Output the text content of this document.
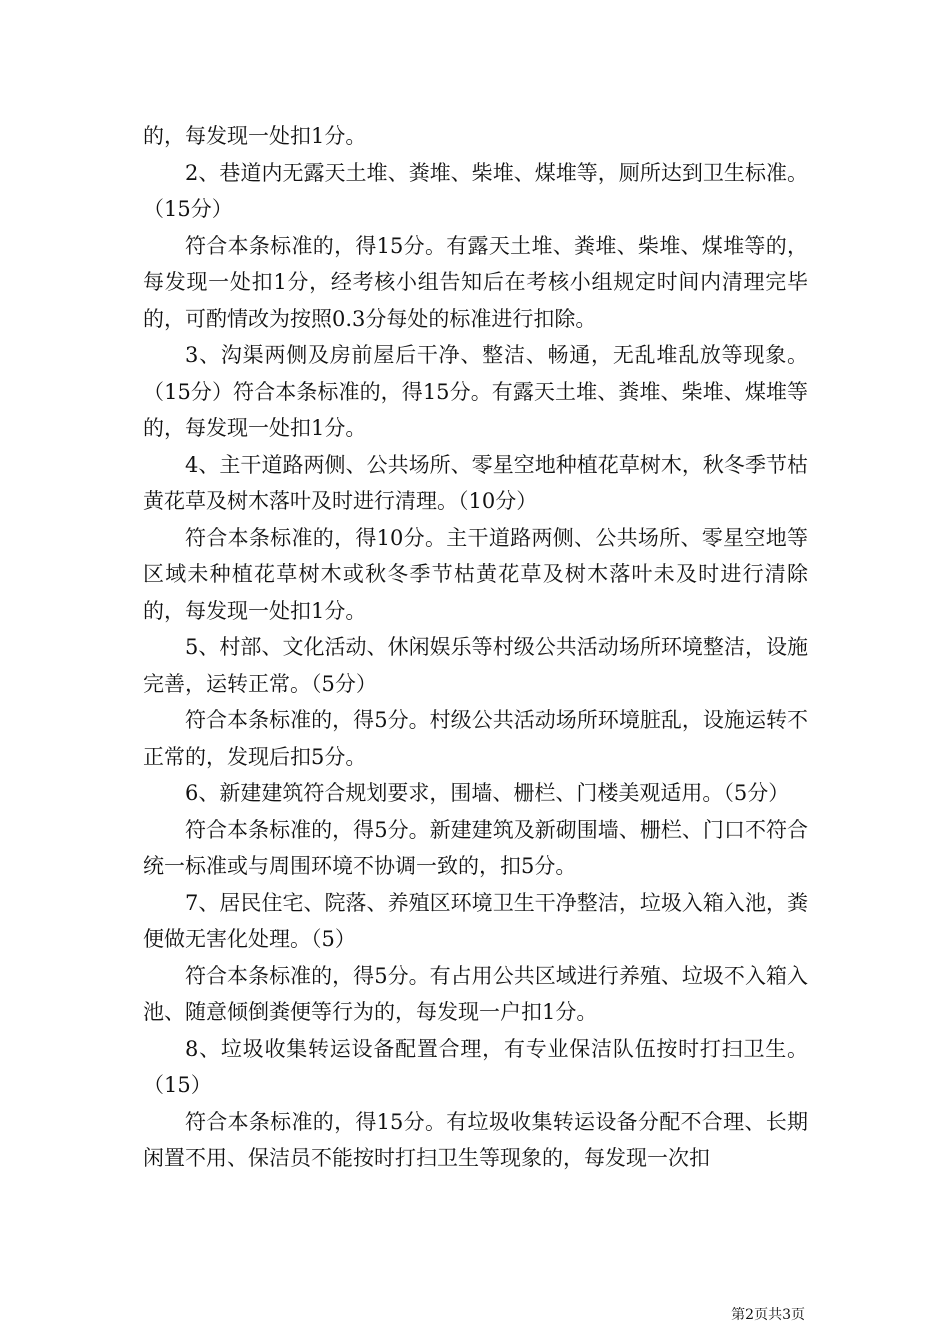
的，每发现一处扣1分。

2、巷道内无露天土堆、粪堆、柴堆、煤堆等，厕所达到卫生标准。（15分）

符合本条标准的，得15分。有露天土堆、粪堆、柴堆、煤堆等的，每发现一处扣1分，经考核小组告知后在考核小组规定时间内清理完毕的，可酌情改为按照0.3分每处的标准进行扣除。

3、沟渠两侧及房前屋后干净、整洁、畅通，无乱堆乱放等现象。（15分）符合本条标准的，得15分。有露天土堆、粪堆、柴堆、煤堆等的，每发现一处扣1分。

4、主干道路两侧、公共场所、零星空地种植花草树木，秋冬季节枯黄花草及树木落叶及时进行清理。（10分）

符合本条标准的，得10分。主干道路两侧、公共场所、零星空地等区域未种植花草树木或秋冬季节枯黄花草及树木落叶未及时进行清除的，每发现一处扣1分。

5、村部、文化活动、休闲娱乐等村级公共活动场所环境整洁，设施完善，运转正常。（5分）

符合本条标准的，得5分。村级公共活动场所环境脏乱，设施运转不正常的，发现后扣5分。

6、新建建筑符合规划要求，围墙、栅栏、门楼美观适用。（5分）

符合本条标准的，得5分。新建建筑及新砌围墙、栅栏、门口不符合统一标准或与周围环境不协调一致的，扣5分。

7、居民住宅、院落、养殖区环境卫生干净整洁，垃圾入箱入池，粪便做无害化处理。（5）

符合本条标准的，得5分。有占用公共区域进行养殖、垃圾不入箱入池、随意倾倒粪便等行为的，每发现一户扣1分。

8、垃圾收集转运设备配置合理，有专业保洁队伍按时打扫卫生。（15）

符合本条标准的，得15分。有垃圾收集转运设备分配不合理、长期闲置不用、保洁员不能按时打扫卫生等现象的，每发现一次扣

第2页共3页
